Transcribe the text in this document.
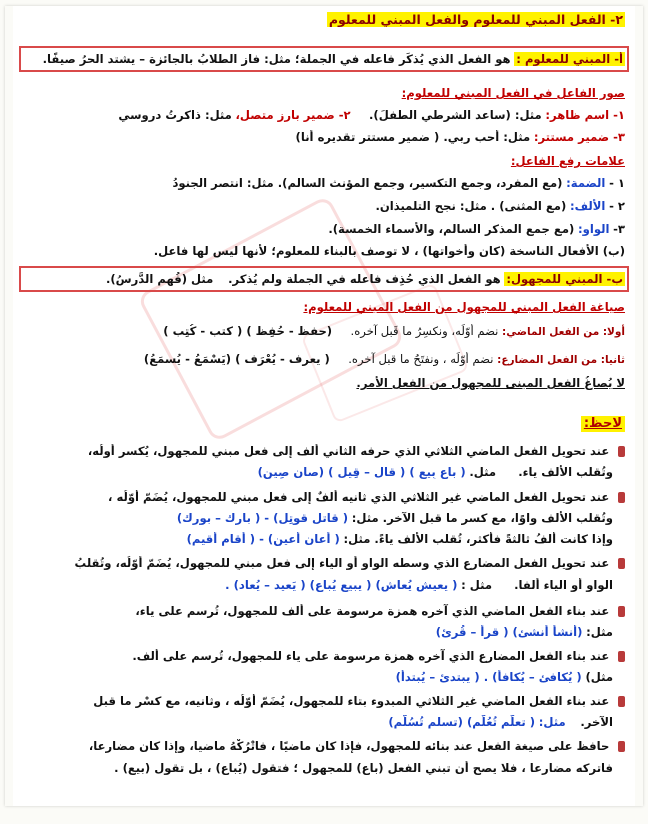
٢- الفعل المبني للمعلوم والفعل المبني للمعلوم
أ- المبني للمعلوم : هو الفعل الذي يُذكَر فاعله في الجملة؛ مثل: فاز الطلابُ بالجائزة – يشتد الحرُ صيفًا.
صور الفاعل في الفعل المبني للمعلوم:
١- اسم ظاهر: مثل: (ساعد الشرطي الطفلَ).     ٢- ضمير بارز متصل، مثل: ذاكرتُ دروسي
٣- ضمير مستتر: مثل: أحب ربي. ( ضمير مستتر تقديره أنا)
علامات رفع الفاعل:
١ - الضمة: (مع المفرد، وجمع التكسير، وجمع المؤنث السالم). مثل: انتصر الجنودُ
٢ - الألف: (مع المثنى) . مثل: نجح التلميذان.
٣- الواو: (مع جمع المذكر السالم، والأسماء الخمسة).
(ب) الأفعال الناسخة (كان وأخواتها) ، لا توصف بالبناء للمعلوم؛ لأنها ليس لها فاعل.
ب- المبني للمجهول: هو الفعل الذي حُذِف فاعله في الجملة ولم يُذكر.    مثل (فُهِم الدَّرسُ).
صياغة الفعل المبني للمجهول من الفعل المبني للمعلوم:
أولا: من الفعل الماضي: نضم أوّلَه، ونكسِرُ ما قَبل آخره.     (حفظ - حُفِظ ) ( كتب - كُتِب )
ثانيا: من الفعل المضارع: نضم أوّلَه ، ونفتَحُ ما قبل آخره.     ( يعرف - يُعْرَف ) (يَسْمَعُ - يُسمَعُ)
لا يُصاغُ الفعل المبنى للمجهول من الفعل الأمر.
لاحظ:
عند تحويل الفعل الماضي الثلاثي الذي حرفه الثاني ألف إلى فعل مبني للمجهول، يُكسر أولُه،
وتُقلب الألف ياء.      مثل. ( باع بِيع ) ( قال – قِيل ) (صان صِين)
عند تحويل الفعل الماضي غير الثلاثي الذي ثانيه ألفٌ إلى فعل مبني للمجهول، يُضَمّ أوّلُه ،
وتُقلب الألف واوًا، مع كسر ما قبل الآخر. مثل: ( قاتل قوتِل) - ( بارك – بورِك)
وإذا كانت ألفُ ثالثةً فأكثر، تُقلب الألف ياءً. مثل: ( أعان أُعين) - ( أقام أُقيم)
عند تحويل الفعل المضارع الذي وسطه الواو أو الياء إلى فعل مبني للمجهول، يُضَمّ أوّلُه، وتُقلبُ
الواو أو الياء ألفا.      مثل : ( يعيش يُعاش) ( يبيع يُباع) ( يَعيد – يُعاد) .
عند بناء الفعل الماضي الذي آخره همزة مرسومة على ألف للمجهول، تُرسم على ياء،
مثل: (أنشأ أُنشئ) ( قرأ – قُرِئ)
عند بناء الفعل المضارع الذي آخره همزة مرسومة على ياء للمجهول، تُرسم على ألف.
مثل) ( يُكافئ – يُكافأ) . ( يبتدئ – يُبتدأ)
عند بناء الفعل الماضي غير الثلاثي المبدوء بتاء للمجهول، يُضَمّ أوّلُه ، وثانيه، مع كسْر ما قبل
الآخر.    مثل: ( تعلّم تُعُلّم) (تسلم تُسُلّم)
حافظ على صيغة الفعل عند بنائه للمجهول، فإذا كان ماضيًا ، فاتْرُكْهُ ماضيا، وإذا كان مضارعا،
فاتركه مضارعا ، فلا يصح أن تبني الفعل (باع) للمجهول ؛ فتقول (يُباع) ، بل تقول (بيع) .
